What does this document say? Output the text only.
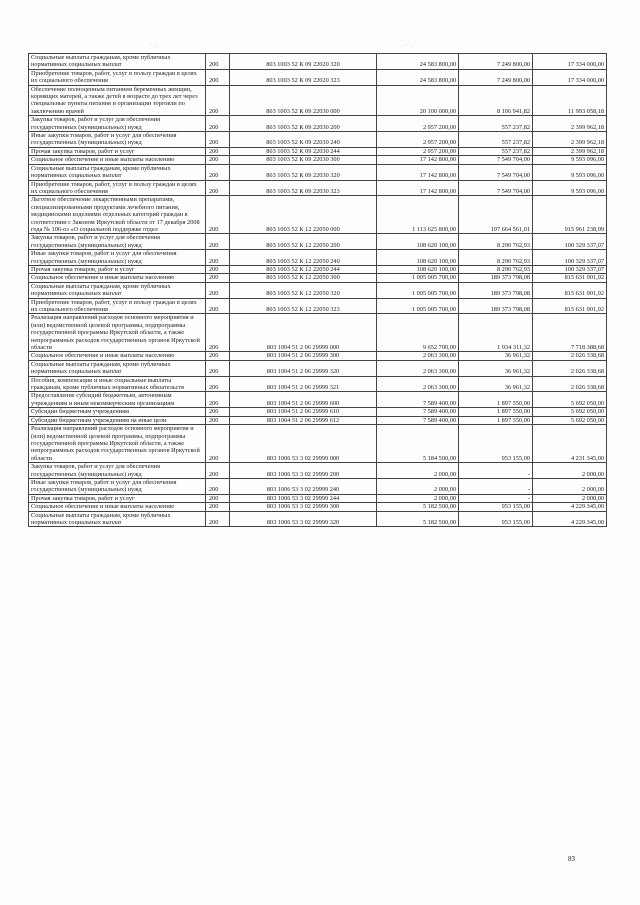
˙ ˙· ˙	· ˙ ˙ ·
Социальные выплаты гражданам, кроме публичных нормативных социальных выплат	200	803 1003 52 К 09 22020 320	24 583 800,00	7 249 800,00	17 334 000,00
Приобретение товаров, работ, услуг в пользу граждан в целях их социального обеспечения	200	803 1003 52 К 09 22020 323	24 583 800,00	7 249 800,00	17 334 000,00
Обеспечение полноценным питанием беременных женщин, кормящих матерей, а также детей в возрасте до трех лет через специальные пункты питания и организации торговли по заключению врачей	200	803 1003 52 К 09 22030 000	20 100 000,00	8 106 941,82	11 993 058,18
Закупка товаров, работ и услуг для обеспечения государственных (муниципальных) нужд	200	803 1003 52 К 09 22030 200	2 957 200,00	557 237,82	2 399 962,18
Иные закупки товаров, работ и услуг для обеспечения государственных (муниципальных) нужд	200	803 1003 52 К 09 22030 240	2 957 200,00	557 237,82	2 399 962,18
Прочая закупка товаров, работ и услуг	200	803 1003 52 К 09 22030 244	2 957 200,00	557 237,82	2 399 962,18
Социальное обеспечение и иные выплаты населению	200	803 1003 52 К 09 22030 300	17 142 800,00	7 549 704,00	9 593 096,00
Социальные выплаты гражданам, кроме публичных нормативных социальных выплат	200	803 1003 52 К 09 22030 320	17 142 800,00	7 549 704,00	9 593 096,00
Приобретение товаров, работ, услуг в пользу граждан в целях их социального обеспечения	200	803 1003 52 К 09 22030 323	17 142 800,00	7 549 704,00	9 593 096,00
Льготное обеспечение лекарственными препаратами, специализированными продуктами лечебного питания, медицинскими изделиями отдельных категорий граждан в соответствии с Законом Иркутской области от 17 декабря 2008 года № 106-оз «О социальной поддержке отдел	200	803 1003 52 К 12 22050 000	1 113 625 800,00	197 664 561,01	915 961 238,99
Закупка товаров, работ и услуг для обеспечения государственных (муниципальных) нужд	200	803 1003 52 К 12 22050 200	108 620 100,00	8 290 762,93	100 329 337,07
Иные закупки товаров, работ и услуг для обеспечения государственных (муниципальных) нужд	200	803 1003 52 К 12 22050 240	108 620 100,00	8 290 762,93	100 329 337,07
Прочая закупка товаров, работ и услуг	200	803 1003 52 К 12 22050 244	108 620 100,00	8 290 762,93	100 329 337,07
Социальное обеспечение и иные выплаты населению	200	803 1003 52 К 12 22050 300	1 005 005 700,00	189 373 798,08	815 631 901,92
Социальные выплаты гражданам, кроме публичных нормативных социальных выплат	200	803 1003 52 К 12 22050 320	1 005 005 700,00	189 373 798,08	815 631 901,92
Приобретение товаров, работ, услуг в пользу граждан в целях их социального обеспечения	200	803 1003 52 К 12 22050 323	1 005 005 700,00	189 373 798,08	815 631 901,92
Реализация направлений расходов основного мероприятия и (или) ведомственной целевой программы, подпрограммы государственной программы Иркутской области, а также непрограммных расходов государственных органов Иркутской области	200	803 1004 51 2 06 29999 000	9 652 700,00	1 934 311,32	7 718 388,68
Социальное обеспечение и иные выплаты населению	200	803 1004 51 2 06 29999 300	2 063 300,00	36 961,32	2 026 338,68
Социальные выплаты гражданам, кроме публичных нормативных социальных выплат	200	803 1004 51 2 06 29999 320	2 063 300,00	36 961,32	2 026 338,68
Пособия, компенсации и иные социальные выплаты гражданам, кроме публичных нормативных обязательств	200	803 1004 51 2 06 29999 321	2 063 300,00	36 961,32	2 026 338,68
Предоставление субсидий бюджетным, автономным учреждениям и иным некоммерческим организациям	200	803 1004 51 2 06 29999 600	7 589 400,00	1 897 350,00	5 692 050,00
Субсидии бюджетным учреждениям	200	803 1004 51 2 06 29999 610	7 589 400,00	1 897 350,00	5 692 050,00
Субсидии бюджетным учреждениям на иные цели	200	803 1004 51 2 06 29999 612	7 589 400,00	1 897 350,00	5 692 050,00
Реализация направлений расходов основного мероприятия и (или) ведомственной целевой программы, подпрограммы государственной программы Иркутской области, а также непрограммных расходов государственных органов Иркутской области	200	803 1006 53 3 02 29999 000	5 184 500,00	953 155,00	4 231 345,00
Закупка товаров, работ и услуг для обеспечения государственных (муниципальных) нужд	200	803 1006 53 3 02 29999 200	2 000,00	-	2 000,00
Иные закупки товаров, работ и услуг для обеспечения государственных (муниципальных) нужд	200	803 1006 53 3 02 29999 240	2 000,00	-	2 000,00
Прочая закупка товаров, работ и услуг	200	803 1006 53 3 02 29999 244	2 000,00	-	2 000,00
Социальное обеспечение и иные выплаты населению	200	803 1006 53 3 02 29999 300	5 182 500,00	953 155,00	4 229 345,00
Социальные выплаты гражданам, кроме публичных нормативных социальных выплат	200	803 1006 53 3 02 29999 320	5 182 500,00	953 155,00	4 229 345,00
83
